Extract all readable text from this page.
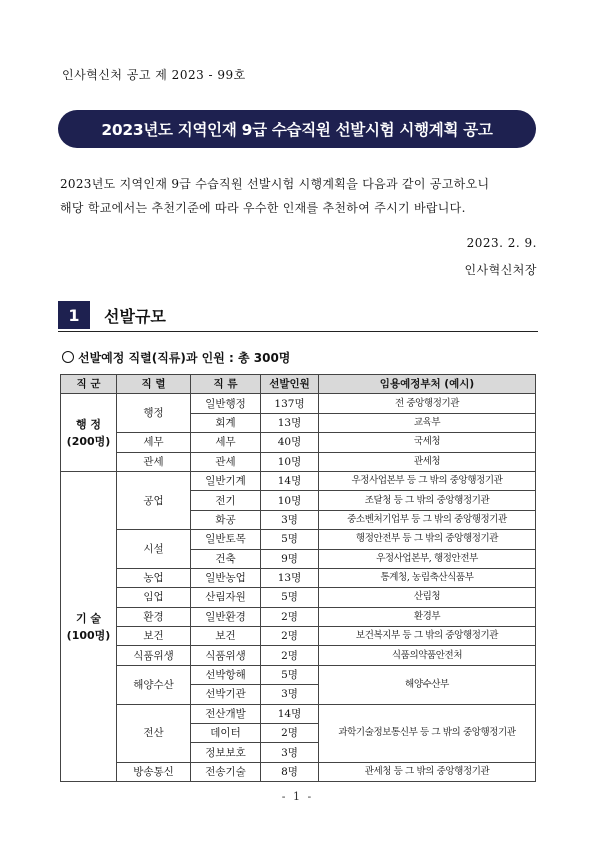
인사혁신처 공고 제 2023 - 99호
2023년도 지역인재 9급 수습직원 선발시험 시행계획 공고

2023년도 지역인재 9급 수습직원 선발시험 시행계획을 다음과 같이 공고하오니

해당 학교에서는 추천기준에 따라 우수한 인재를 추천하여 주시기 바랍니다.

2023. 2. 9.
인사혁신처장
1	선발규모
선발예정 직렬(직류)과 인원 : 총 300명
직 군	직 렬	직 류	선발인원	임용예정부처 (예시)

행 정
(200명)	행정	일반행정	137명	전 중앙행정기관
		회계	13명	교육부
	세무	세무	40명	국세청
	관세	관세	10명	관세청

기 술
(100명)	공업	일반기계	14명	우정사업본부 등 그 밖의 중앙행정기관
		전기	10명	조달청 등 그 밖의 중앙행정기관
		화공	3명	중소벤처기업부 등 그 밖의 중앙행정기관
	시설	일반토목	5명	행정안전부 등 그 밖의 중앙행정기관
		건축	9명	우정사업본부, 행정안전부
	농업	일반농업	13명	통계청, 농림축산식품부
	임업	산림자원	5명	산림청
	환경	일반환경	2명	환경부
	보건	보건	2명	보건복지부 등 그 밖의 중앙행정기관
	식품위생	식품위생	2명	식품의약품안전처
	해양수산	선박항해	5명	해양수산부
		선박기관	3명	
	전산	전산개발	14명	과학기술정보통신부 등 그 밖의 중앙행정기관
		데이터	2명	
		정보보호	3명	
	방송통신	전송기술	8명	관세청 등 그 밖의 중앙행정기관
- 1 -
